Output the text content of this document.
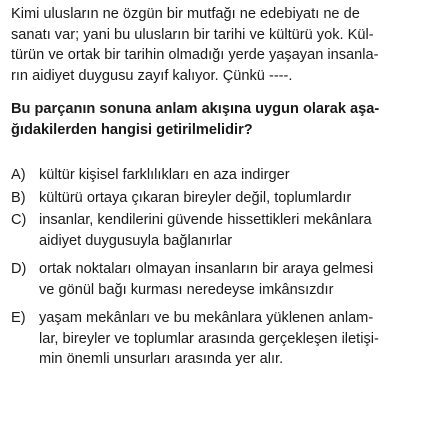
Kimi ulusların ne özgün bir mutfağı ne edebiyatı ne de
sanatı var; yani bu ulusların bir tarihi ve kültürü yok. Kül-
türün ve ortak bir tarihin olmadığı yerde yaşayan insanla-
rın aidiyet duygusu zayıf kalıyor. Çünkü ----.

Bu parçanın sonuna anlam akışına uygun olarak aşa-
ğıdakilerden hangisi getirilmelidir?

A) kültür kişisel farklılıkları en aza indirger
B) kültürü ortaya çıkaran bireyler değil, toplumlardır
C) insanlar, kendilerini güvende hissettikleri mekânlara
aidiyet duygusuyla bağlanırlar
D) ortak noktaları olmayan insanların bir araya gelmesi
ve gönül bağı kurması neredeyse imkânsızdır
E) yaşam mekânları ve bu mekânlara yüklenen anlam-
lar, bireyler ve toplumlar arasında gerçekleşen iletişi-
min önemli unsurları arasında yer alır.
